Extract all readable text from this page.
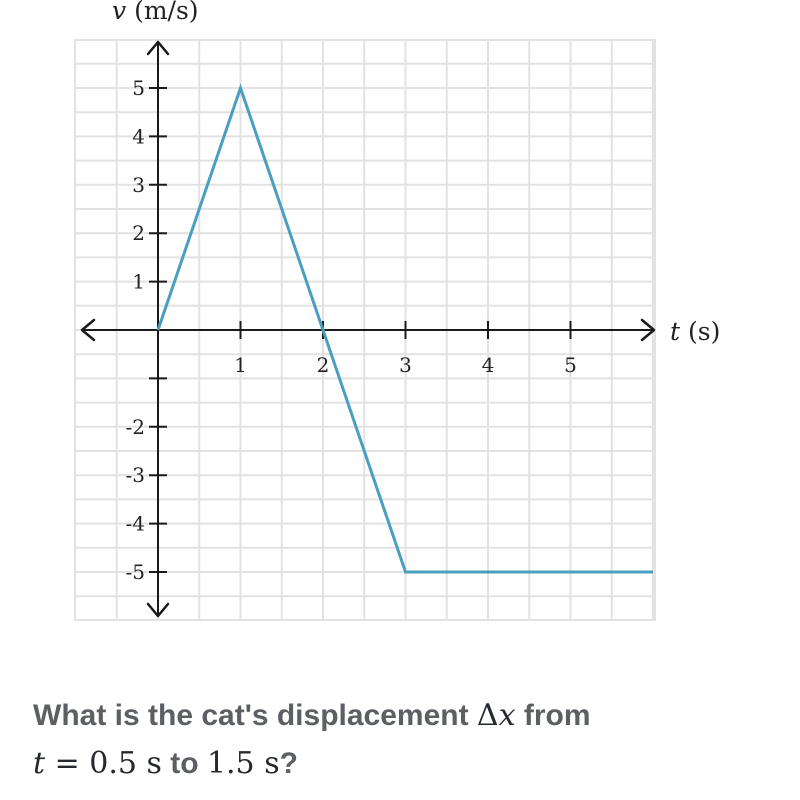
1	2	3	4	5
5
4
3
2
1
-2
-3
-4
-5
v (m/s)
t (s)
What is the cat's displacement Δx from
t = 0.5 s to 1.5 s?
